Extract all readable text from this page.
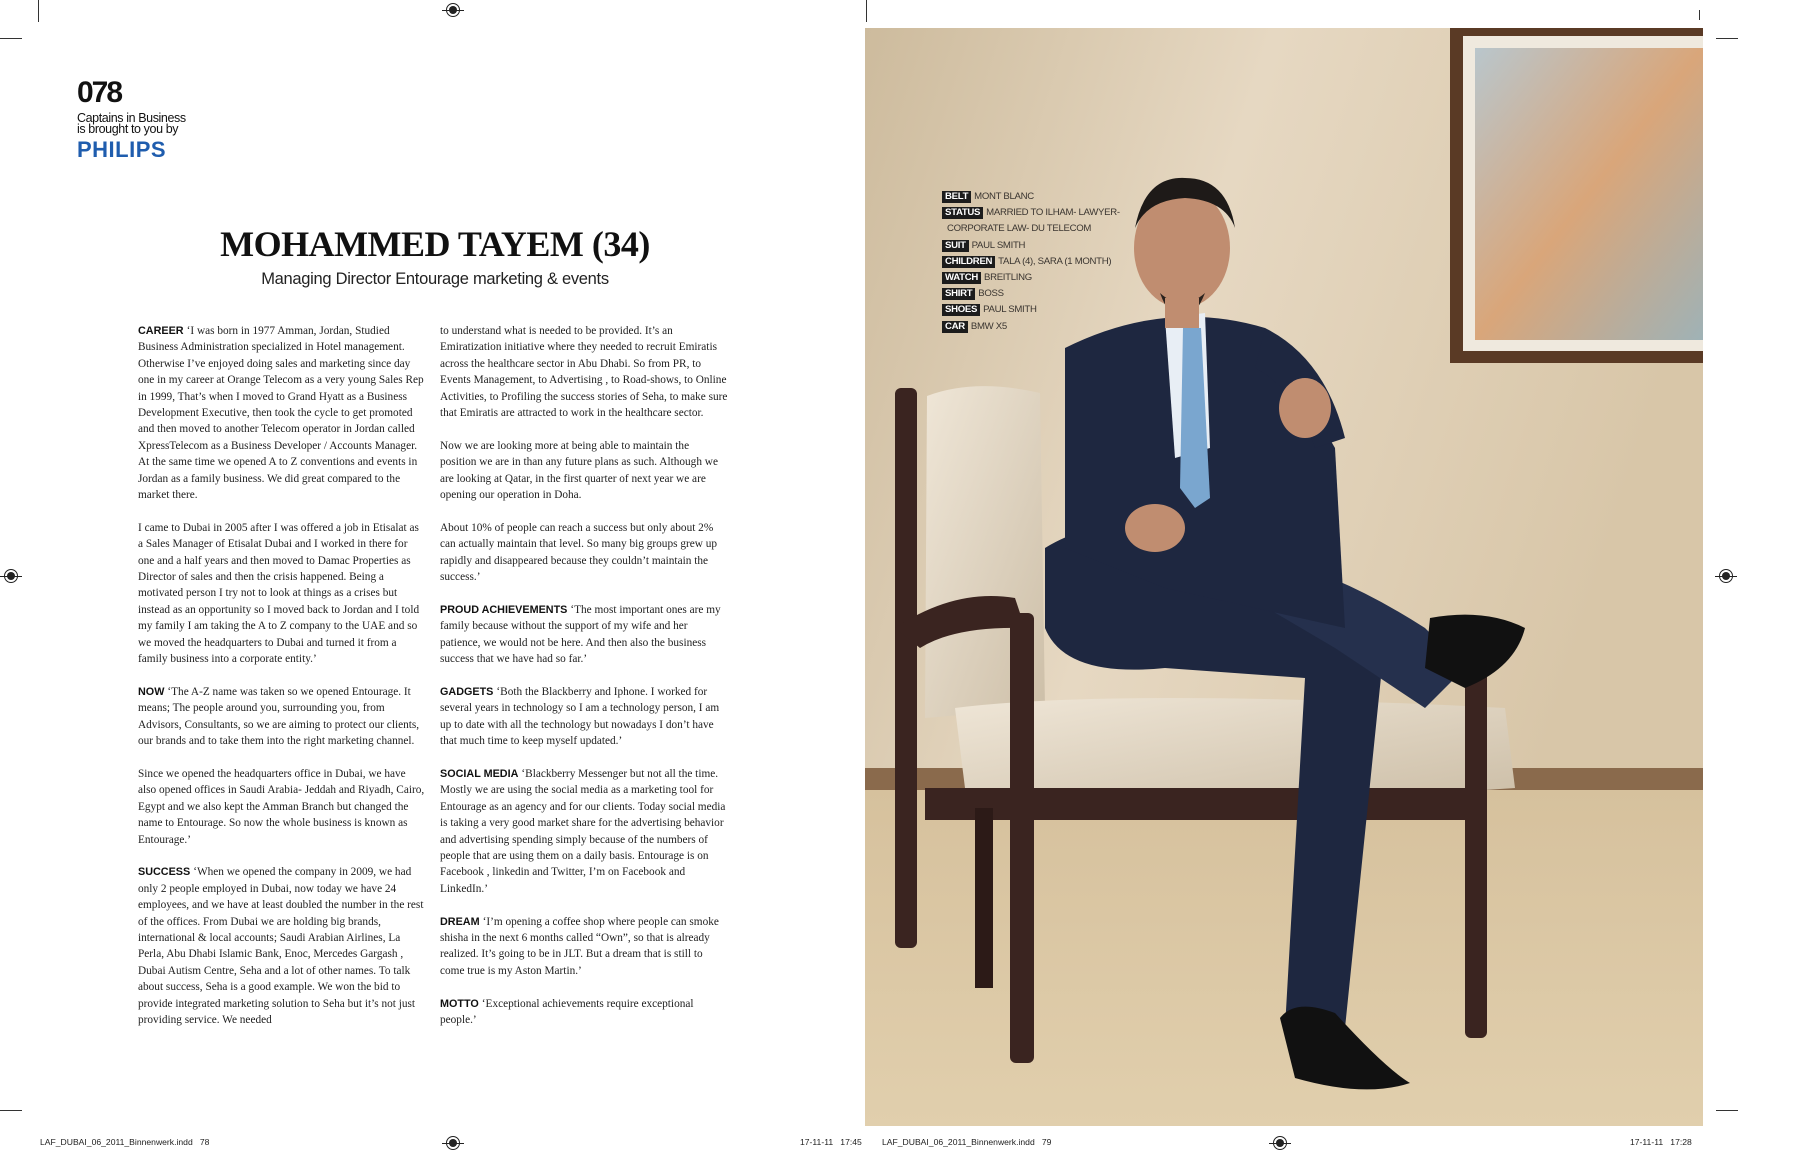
078
Captains in Business
is brought to you by
PHILIPS
MOHAMMED TAYEM (34)
Managing Director Entourage marketing & events

CAREER ‘I was born in 1977 Amman, Jordan, Studied Business Administration specialized in Hotel management. Otherwise I’ve enjoyed doing sales and marketing since day one in my career at Orange Telecom as a very young Sales Rep in 1999, That’s when I moved to Grand Hyatt as a Business Development Executive, then took the cycle to get promoted and then moved to another Telecom operator in Jordan called XpressTelecom as a Business Developer / Accounts Manager. At the same time we opened A to Z conventions and events in Jordan as a family business. We did great compared to the market there.

I came to Dubai in 2005 after I was offered a job in Etisalat as a Sales Manager of Etisalat Dubai and I worked in there for one and a half years and then moved to Damac Properties as Director of sales and then the crisis happened. Being a motivated person I try not to look at things as a crises but instead as an opportunity so I moved back to Jordan and I told my family I am taking the A to Z company to the UAE and so we moved the headquarters to Dubai and turned it from a family business into a corporate entity.’

NOW ‘The A-Z name was taken so we opened Entourage. It means; The people around you, surrounding you, from Advisors, Consultants, so we are aiming to protect our clients, our brands and to take them into the right marketing channel.

Since we opened the headquarters office in Dubai, we have also opened offices in Saudi Arabia- Jeddah and Riyadh, Cairo, Egypt and we also kept the Amman Branch but changed the name to Entourage. So now the whole business is known as Entourage.’

SUCCESS ‘When we opened the company in 2009, we had only 2 people employed in Dubai, now today we have 24 employees, and we have at least doubled the number in the rest of the offices. From Dubai we are holding big brands, international & local accounts; Saudi Arabian Airlines, La Perla, Abu Dhabi Islamic Bank, Enoc, Mercedes Gargash , Dubai Autism Centre, Seha and a lot of other names. To talk about success, Seha is a good example. We won the bid to provide integrated marketing solution to Seha but it’s not just providing service. We needed

to understand what is needed to be provided. It’s an Emiratization initiative where they needed to recruit Emiratis across the healthcare sector in Abu Dhabi. So from PR, to Events Management, to Advertising , to Road-shows, to Online Activities, to Profiling the success stories of Seha, to make sure that Emiratis are attracted to work in the healthcare sector.

Now we are looking more at being able to maintain the position we are in than any future plans as such. Although we are looking at Qatar, in the first quarter of next year we are opening our operation in Doha.

About 10% of people can reach a success but only about 2% can actually maintain that level. So many big groups grew up rapidly and disappeared because they couldn’t maintain the success.’

PROUD ACHIEVEMENTS ‘The most important ones are my family because without the support of my wife and her patience, we would not be here. And then also the business success that we have had so far.’

GADGETS ‘Both the Blackberry and Iphone. I worked for several years in technology so I am a technology person, I am up to date with all the technology but nowadays I don’t have that much time to keep myself updated.’

SOCIAL MEDIA ‘Blackberry Messenger but not all the time. Mostly we are using the social media as a marketing tool for Entourage as an agency and for our clients. Today social media is taking a very good market share for the advertising behavior and advertising spending simply because of the numbers of people that are using them on a daily basis. Entourage is on Facebook , linkedin and Twitter, I’m on Facebook and LinkedIn.’

DREAM ‘I’m opening a coffee shop where people can smoke shisha in the next 6 months called “Own”, so that is already realized. It’s going to be in JLT. But a dream that is still to come true is my Aston Martin.’

MOTTO ‘Exceptional achievements require exceptional people.’

LAF_DUBAI_06_2011_Binnenwerk.indd   78	17-11-11   17:45
BELT MONT BLANC
STATUS MARRIED TO ILHAM- LAWYER-
CORPORATE LAW- DU TELECOM
SUIT PAUL SMITH
CHILDREN TALA (4), SARA (1 MONTH)
WATCH BREITLING
SHIRT BOSS
SHOES PAUL SMITH
CAR BMW X5
LAF_DUBAI_06_2011_Binnenwerk.indd   79	17-11-11   17:28
